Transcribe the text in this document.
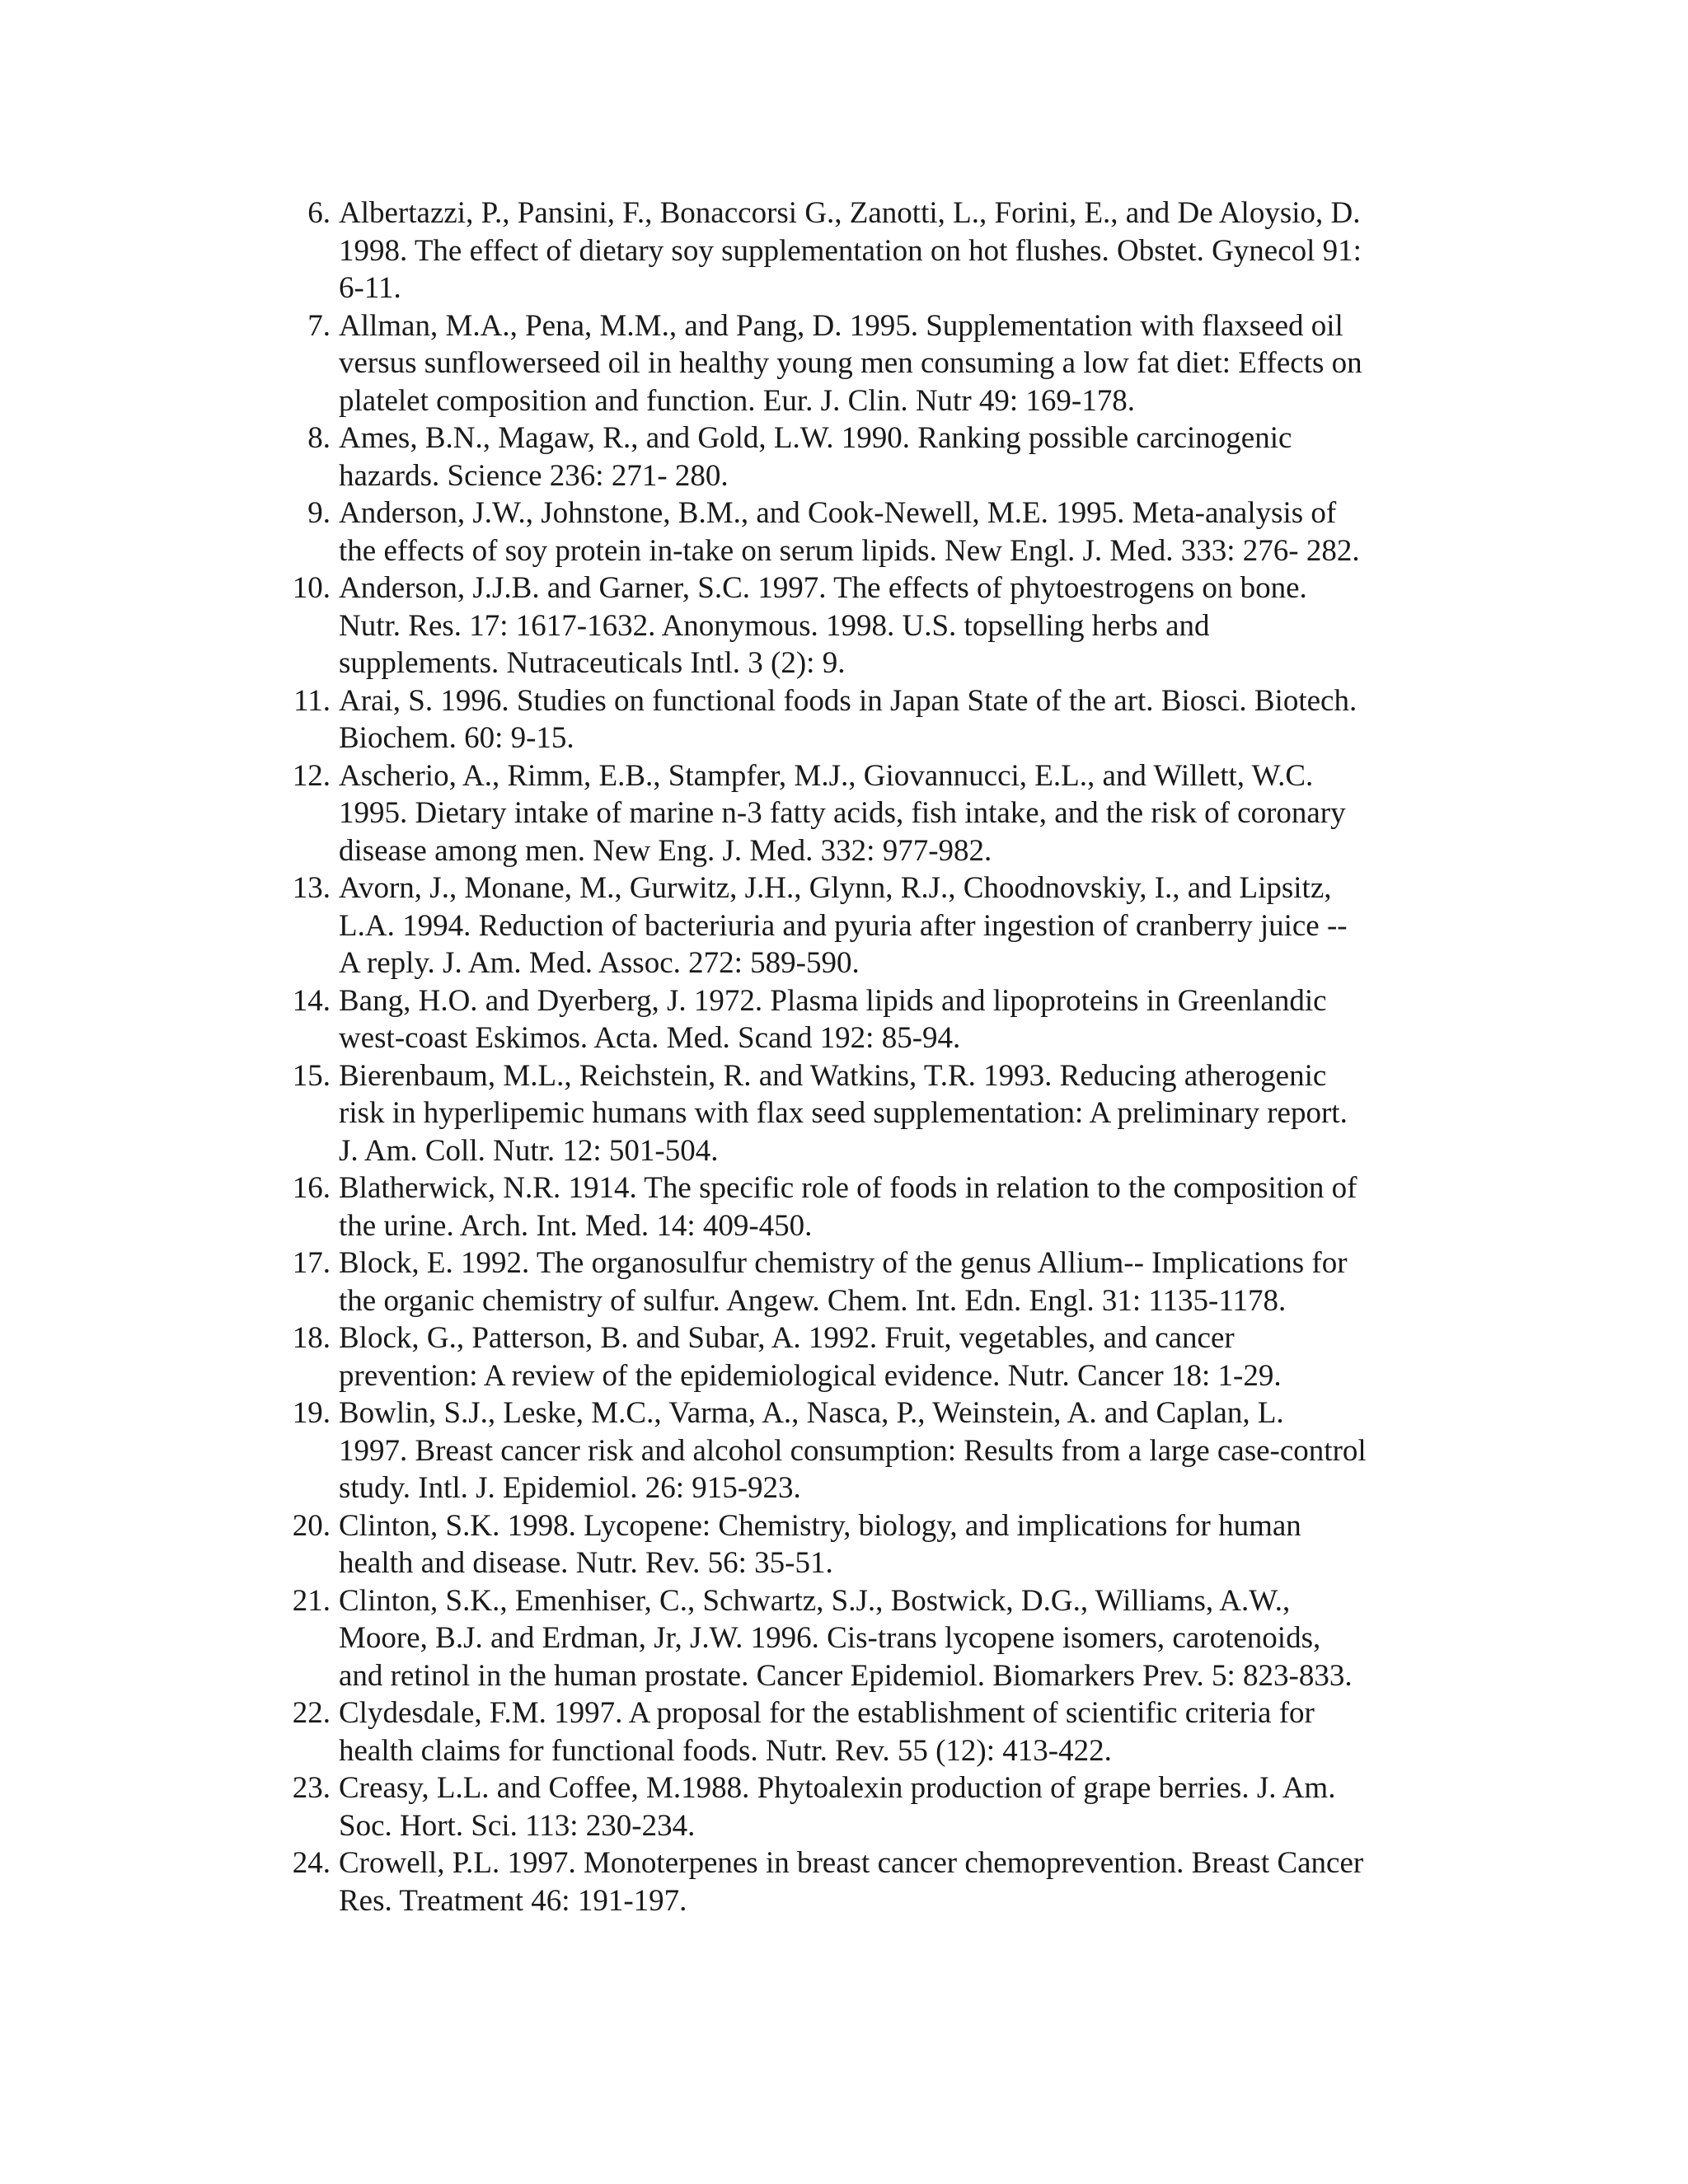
6. Albertazzi, P., Pansini, F., Bonaccorsi G., Zanotti, L., Forini, E., and De Aloysio, D.
1998. The effect of dietary soy supplementation on hot flushes. Obstet. Gynecol 91:
6-11.
7. Allman, M.A., Pena, M.M., and Pang, D. 1995. Supplementation with flaxseed oil
versus sunflowerseed oil in healthy young men consuming a low fat diet: Effects on
platelet composition and function. Eur. J. Clin. Nutr 49: 169-178.
8. Ames, B.N., Magaw, R., and Gold, L.W. 1990. Ranking possible carcinogenic
hazards. Science 236: 271- 280.
9. Anderson, J.W., Johnstone, B.M., and Cook-Newell, M.E. 1995. Meta-analysis of
the effects of soy protein in-take on serum lipids. New Engl. J. Med. 333: 276- 282.
10. Anderson, J.J.B. and Garner, S.C. 1997. The effects of phytoestrogens on bone.
Nutr. Res. 17: 1617-1632. Anonymous. 1998. U.S. topselling herbs and
supplements. Nutraceuticals Intl. 3 (2): 9.
11. Arai, S. 1996. Studies on functional foods in Japan State of the art. Biosci. Biotech.
Biochem. 60: 9-15.
12. Ascherio, A., Rimm, E.B., Stampfer, M.J., Giovannucci, E.L., and Willett, W.C.
1995. Dietary intake of marine n-3 fatty acids, fish intake, and the risk of coronary
disease among men. New Eng. J. Med. 332: 977-982.
13. Avorn, J., Monane, M., Gurwitz, J.H., Glynn, R.J., Choodnovskiy, I., and Lipsitz,
L.A. 1994. Reduction of bacteriuria and pyuria after ingestion of cranberry juice --
A reply. J. Am. Med. Assoc. 272: 589-590.
14. Bang, H.O. and Dyerberg, J. 1972. Plasma lipids and lipoproteins in Greenlandic
west-coast Eskimos. Acta. Med. Scand 192: 85-94.
15. Bierenbaum, M.L., Reichstein, R. and Watkins, T.R. 1993. Reducing atherogenic
risk in hyperlipemic humans with flax seed supplementation: A preliminary report.
J. Am. Coll. Nutr. 12: 501-504.
16. Blatherwick, N.R. 1914. The specific role of foods in relation to the composition of
the urine. Arch. Int. Med. 14: 409-450.
17. Block, E. 1992. The organosulfur chemistry of the genus Allium-- Implications for
the organic chemistry of sulfur. Angew. Chem. Int. Edn. Engl. 31: 1135-1178.
18. Block, G., Patterson, B. and Subar, A. 1992. Fruit, vegetables, and cancer
prevention: A review of the epidemiological evidence. Nutr. Cancer 18: 1-29.
19. Bowlin, S.J., Leske, M.C., Varma, A., Nasca, P., Weinstein, A. and Caplan, L.
1997. Breast cancer risk and alcohol consumption: Results from a large case-control
study. Intl. J. Epidemiol. 26: 915-923.
20. Clinton, S.K. 1998. Lycopene: Chemistry, biology, and implications for human
health and disease. Nutr. Rev. 56: 35-51.
21. Clinton, S.K., Emenhiser, C., Schwartz, S.J., Bostwick, D.G., Williams, A.W.,
Moore, B.J. and Erdman, Jr, J.W. 1996. Cis-trans lycopene isomers, carotenoids,
and retinol in the human prostate. Cancer Epidemiol. Biomarkers Prev. 5: 823-833.
22. Clydesdale, F.M. 1997. A proposal for the establishment of scientific criteria for
health claims for functional foods. Nutr. Rev. 55 (12): 413-422.
23. Creasy, L.L. and Coffee, M.1988. Phytoalexin production of grape berries. J. Am.
Soc. Hort. Sci. 113: 230-234.
24. Crowell, P.L. 1997. Monoterpenes in breast cancer chemoprevention. Breast Cancer
Res. Treatment 46: 191-197.
